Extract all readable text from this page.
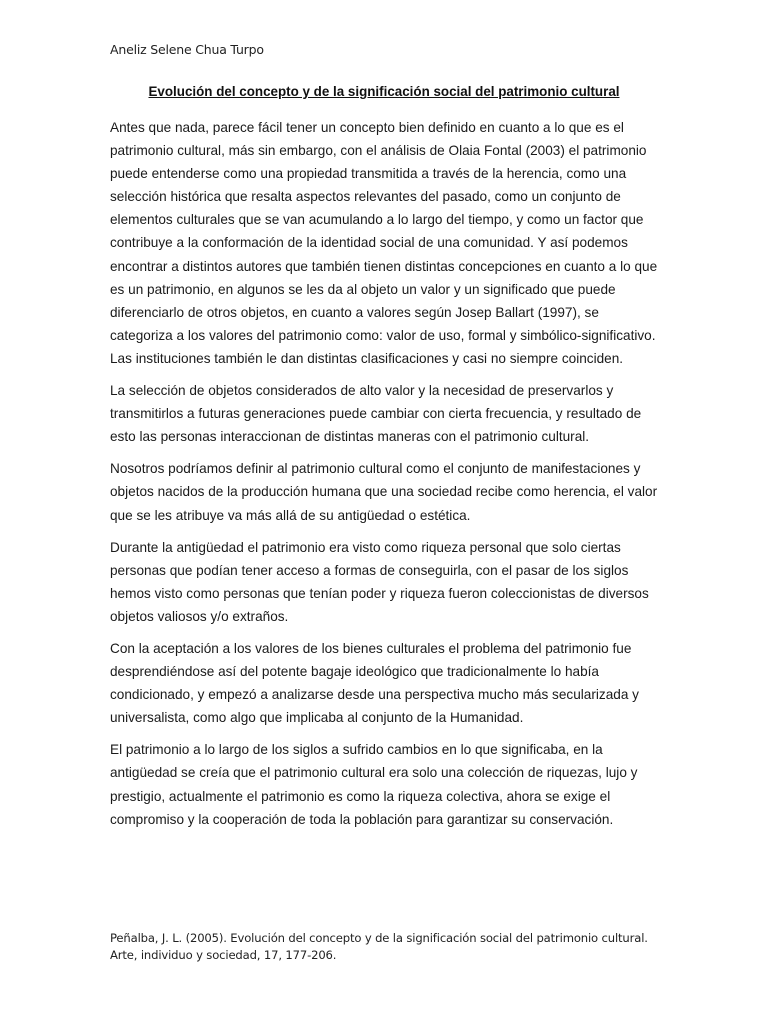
Aneliz Selene Chua Turpo
Evolución del concepto y de la significación social del patrimonio cultural

Antes que nada, parece fácil tener un concepto bien definido en cuanto a lo que es el patrimonio cultural, más sin embargo, con el análisis de Olaia Fontal (2003) el patrimonio puede entenderse como una propiedad transmitida a través de la herencia, como una selección histórica que resalta aspectos relevantes del pasado, como un conjunto de elementos culturales que se van acumulando a lo largo del tiempo, y como un factor que contribuye a la conformación de la identidad social de una comunidad. Y así podemos encontrar a distintos autores que también tienen distintas concepciones en cuanto a lo que es un patrimonio, en algunos se les da al objeto un valor y un significado que puede diferenciarlo de otros objetos, en cuanto a valores según Josep Ballart (1997), se categoriza a los valores del patrimonio como: valor de uso, formal y simbólico-significativo. Las instituciones también le dan distintas clasificaciones y casi no siempre coinciden.

La selección de objetos considerados de alto valor y la necesidad de preservarlos y transmitirlos a futuras generaciones puede cambiar con cierta frecuencia, y resultado de esto las personas interaccionan de distintas maneras con el patrimonio cultural.

Nosotros podríamos definir al patrimonio cultural como el conjunto de manifestaciones y objetos nacidos de la producción humana que una sociedad recibe como herencia, el valor que se les atribuye va más allá de su antigüedad o estética.

Durante la antigüedad el patrimonio era visto como riqueza personal que solo ciertas personas que podían tener acceso a formas de conseguirla, con el pasar de los siglos hemos visto como personas que tenían poder y riqueza fueron coleccionistas de diversos objetos valiosos y/o extraños.

Con la aceptación a los valores de los bienes culturales el problema del patrimonio fue desprendiéndose así del potente bagaje ideológico que tradicionalmente lo había condicionado, y empezó a analizarse desde una perspectiva mucho más secularizada y universalista, como algo que implicaba al conjunto de la Humanidad.

El patrimonio a lo largo de los siglos a sufrido cambios en lo que significaba, en la antigüedad se creía que el patrimonio cultural era solo una colección de riquezas, lujo y prestigio, actualmente el patrimonio es como la riqueza colectiva, ahora se exige el compromiso y la cooperación de toda la población para garantizar su conservación.

Peñalba, J. L. (2005). Evolución del concepto y de la significación social del patrimonio cultural. Arte, individuo y sociedad, 17, 177-206.
